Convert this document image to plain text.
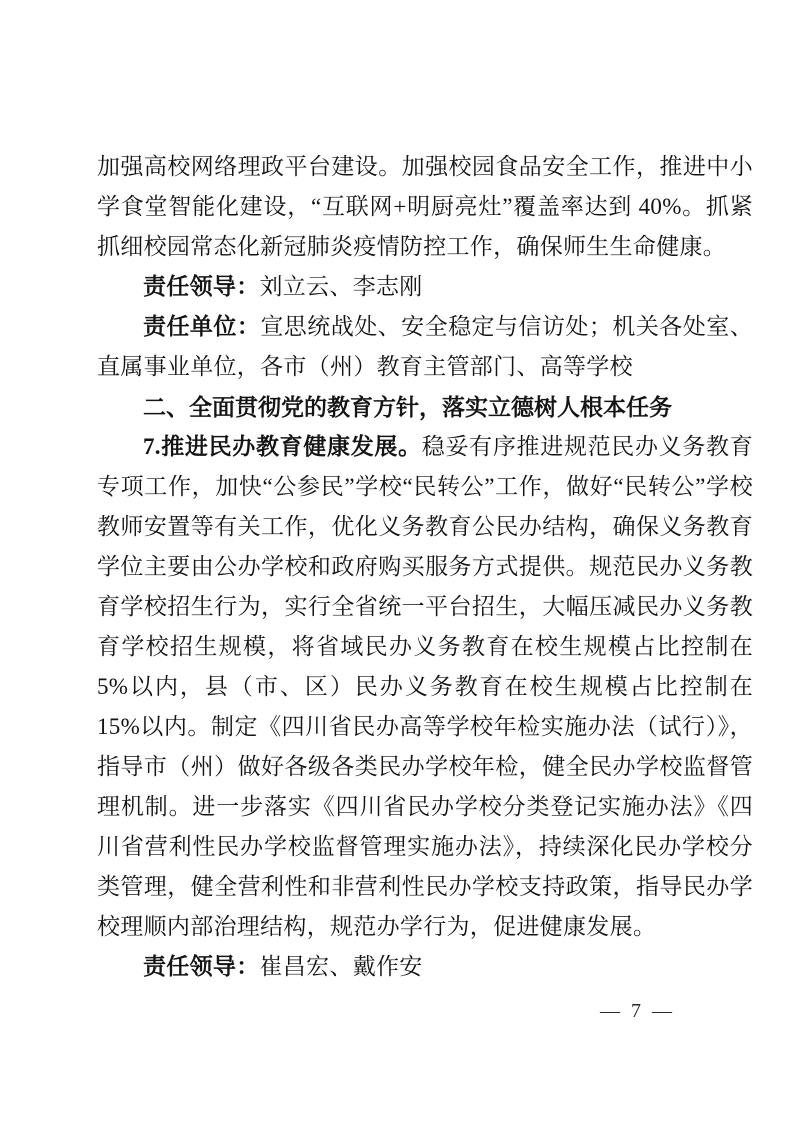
加强高校网络理政平台建设。加强校园食品安全工作，推进中小学食堂智能化建设，“互联网+明厨亮灶”覆盖率达到 40%。抓紧抓细校园常态化新冠肺炎疫情防控工作，确保师生生命健康。

责任领导：刘立云、李志刚

责任单位：宣思统战处、安全稳定与信访处；机关各处室、直属事业单位，各市（州）教育主管部门、高等学校

二、全面贯彻党的教育方针，落实立德树人根本任务

7.推进民办教育健康发展。稳妥有序推进规范民办义务教育专项工作，加快“公参民”学校“民转公”工作，做好“民转公”学校教师安置等有关工作，优化义务教育公民办结构，确保义务教育学位主要由公办学校和政府购买服务方式提供。规范民办义务教育学校招生行为，实行全省统一平台招生，大幅压减民办义务教育学校招生规模，将省域民办义务教育在校生规模占比控制在5%以内，县（市、区）民办义务教育在校生规模占比控制在 15%以内。制定《四川省民办高等学校年检实施办法（试行）》，指导市（州）做好各级各类民办学校年检，健全民办学校监督管理机制。进一步落实《四川省民办学校分类登记实施办法》《四川省营利性民办学校监督管理实施办法》，持续深化民办学校分类管理，健全营利性和非营利性民办学校支持政策，指导民办学校理顺内部治理结构，规范办学行为，促进健康发展。

责任领导：崔昌宏、戴作安

— 7 —
